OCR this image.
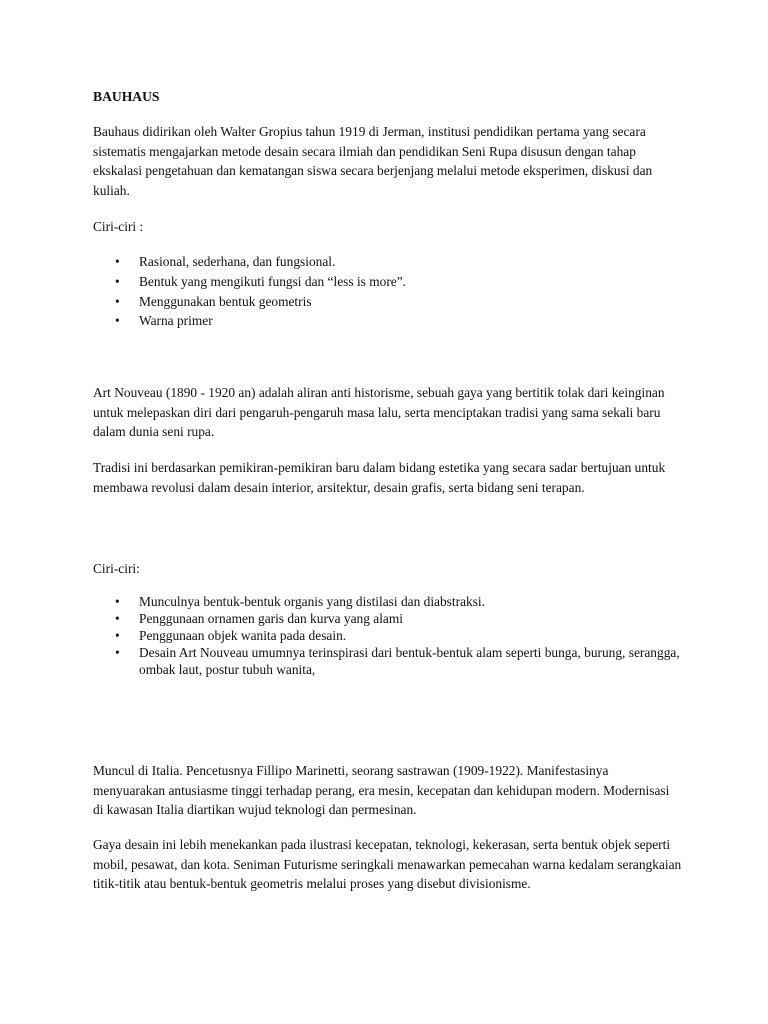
BAUHAUS

Bauhaus didirikan oleh Walter Gropius tahun 1919 di Jerman, institusi pendidikan pertama yang secara sistematis mengajarkan metode desain secara ilmiah dan pendidikan Seni Rupa disusun dengan tahap ekskalasi pengetahuan dan kematangan siswa secara berjenjang melalui metode eksperimen, diskusi dan kuliah.

Ciri-ciri :

• Rasional, sederhana, dan fungsional.
• Bentuk yang mengikuti fungsi dan “less is more”.
• Menggunakan bentuk geometris
• Warna primer

Art Nouveau (1890 - 1920 an) adalah aliran anti historisme, sebuah gaya yang bertitik tolak dari keinginan untuk melepaskan diri dari pengaruh-pengaruh masa lalu, serta menciptakan tradisi yang sama sekali baru dalam dunia seni rupa.

Tradisi ini berdasarkan pemikiran-pemikiran baru dalam bidang estetika yang secara sadar bertujuan untuk membawa revolusi dalam desain interior, arsitektur, desain grafis, serta bidang seni terapan.

Ciri-ciri:

• Munculnya bentuk-bentuk organis yang distilasi dan diabstraksi.
• Penggunaan ornamen garis dan kurva yang alami
• Penggunaan objek wanita pada desain.
• Desain Art Nouveau umumnya terinspirasi dari bentuk-bentuk alam seperti bunga, burung, serangga, ombak laut, postur tubuh wanita,

Muncul di Italia. Pencetusnya Fillipo Marinetti, seorang sastrawan (1909-1922). Manifestasinya menyuarakan antusiasme tinggi terhadap perang, era mesin, kecepatan dan kehidupan modern. Modernisasi di kawasan Italia diartikan wujud teknologi dan permesinan.

Gaya desain ini lebih menekankan pada ilustrasi kecepatan, teknologi, kekerasan, serta bentuk objek seperti mobil, pesawat, dan kota. Seniman Futurisme seringkali menawarkan pemecahan warna kedalam serangkaian titik-titik atau bentuk-bentuk geometris melalui proses yang disebut divisionisme.
